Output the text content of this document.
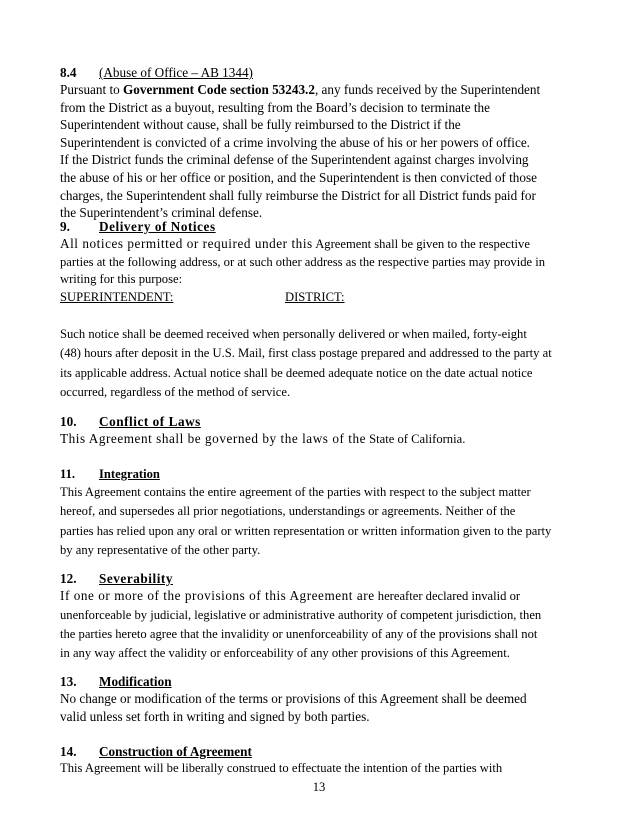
8.4 (Abuse of Office – AB 1344)
Pursuant to Government Code section 53243.2, any funds received by the Superintendent
from the District as a buyout, resulting from the Board’s decision to terminate the
Superintendent without cause, shall be fully reimbursed to the District if the
Superintendent is convicted of a crime involving the abuse of his or her powers of office.
If the District funds the criminal defense of the Superintendent against charges involving
the abuse of his or her office or position, and the Superintendent is then convicted of those
charges, the Superintendent shall fully reimburse the District for all District funds paid for
the Superintendent’s criminal defense.
9. Delivery of Notices
All notices permitted or required under this Agreement shall be given to the respective
parties at the following address, or at such other address as the respective parties may provide in
writing for this purpose:
SUPERINTENDENT:	DISTRICT:
Such notice shall be deemed received when personally delivered or when mailed, forty-eight
(48) hours after deposit in the U.S. Mail, first class postage prepared and addressed to the party at
its applicable address. Actual notice shall be deemed adequate notice on the date actual notice
occurred, regardless of the method of service.
10. Conflict of Laws
This Agreement shall be governed by the laws of the State of California.
11. Integration
This Agreement contains the entire agreement of the parties with respect to the subject matter
hereof, and supersedes all prior negotiations, understandings or agreements. Neither of the
parties has relied upon any oral or written representation or written information given to the party
by any representative of the other party.
12. Severability
If one or more of the provisions of this Agreement are hereafter declared invalid or
unenforceable by judicial, legislative or administrative authority of competent jurisdiction, then
the parties hereto agree that the invalidity or unenforceability of any of the provisions shall not
in any way affect the validity or enforceability of any other provisions of this Agreement.
13. Modification
No change or modification of the terms or provisions of this Agreement shall be deemed
valid unless set forth in writing and signed by both parties.
14. Construction of Agreement
This Agreement will be liberally construed to effectuate the intention of the parties with
13
